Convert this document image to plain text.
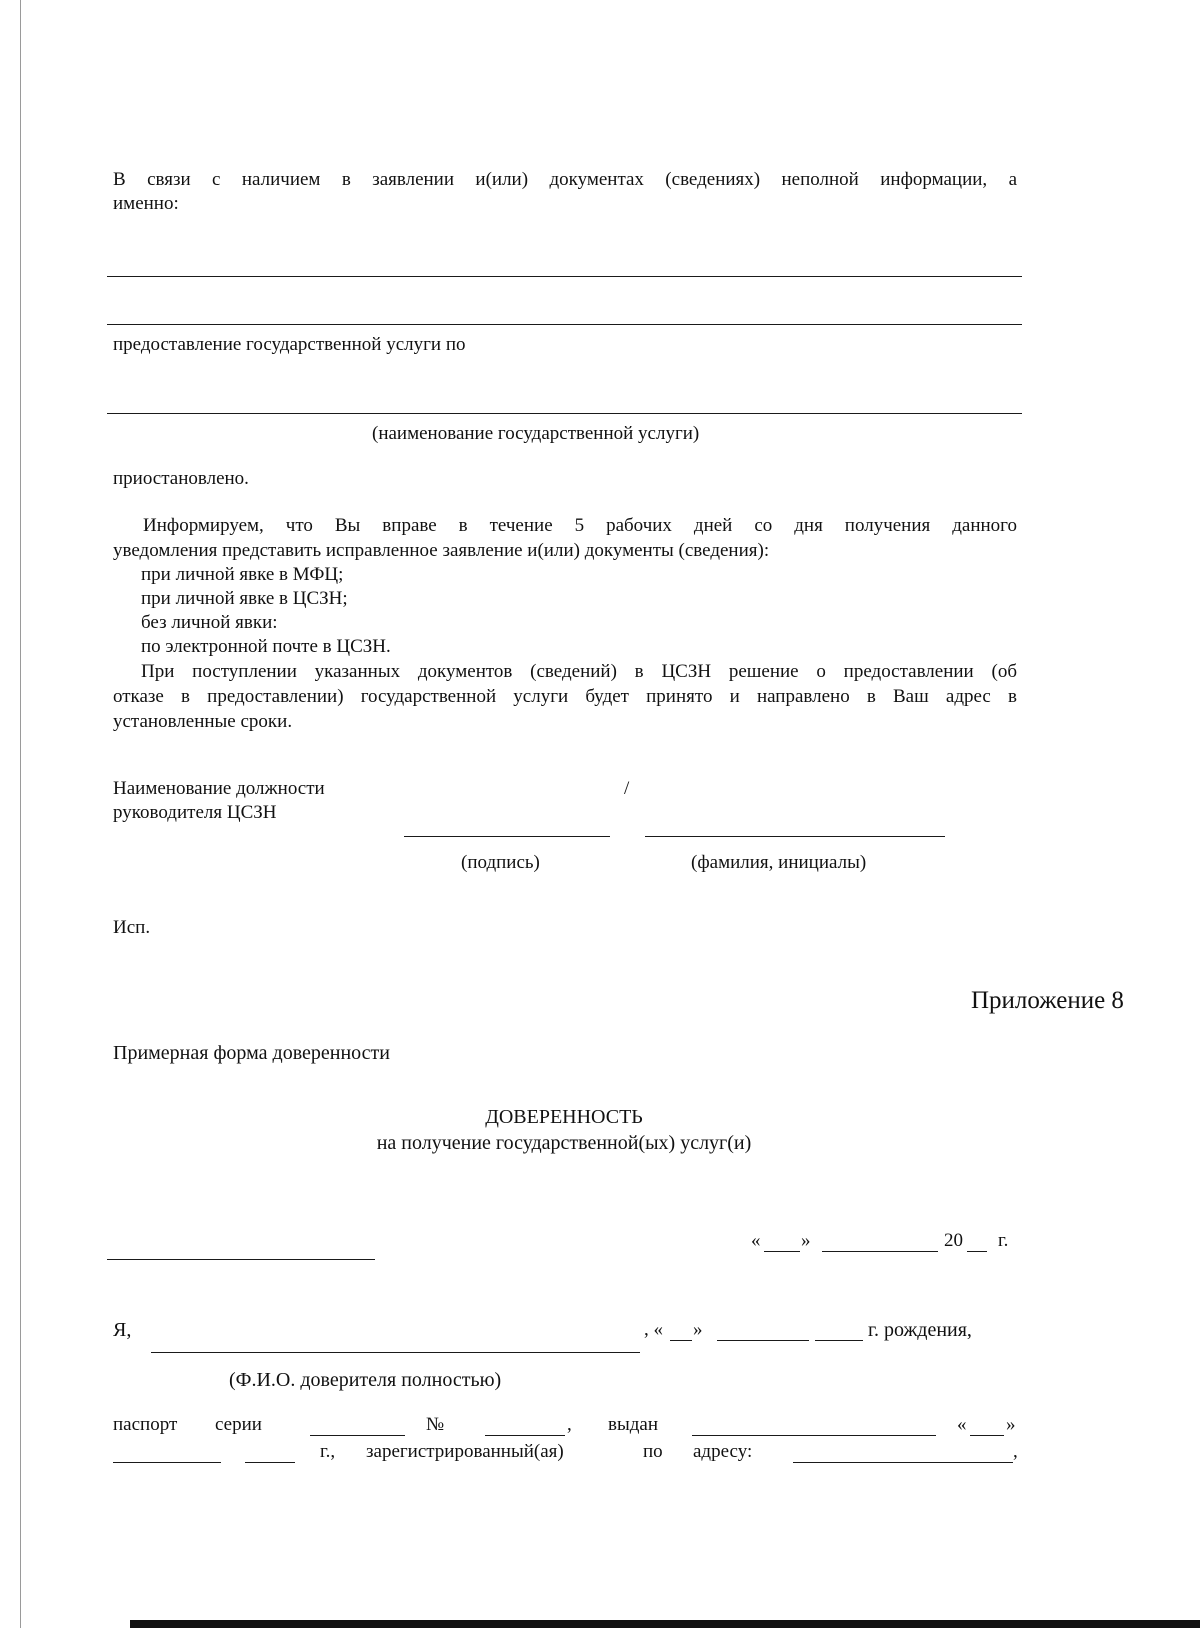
В связи с наличием в заявлении и(или) документах (сведениях) неполной информации, а
именно:
предоставление государственной услуги по
(наименование государственной услуги)
приостановлено.
Информируем, что Вы вправе в течение 5 рабочих дней со дня получения данного
уведомления представить исправленное заявление и(или) документы (сведения):
при личной явке в МФЦ;
при личной явке в ЦСЗН;
без личной явки:
по электронной почте в ЦСЗН.
При поступлении указанных документов (сведений) в ЦСЗН решение о предоставлении (об
отказе в предоставлении) государственной услуги будет принято и направлено в Ваш адрес в
установленные сроки.
Наименование должности
руководителя ЦСЗН
/
(подпись)	(фамилия, инициалы)
Исп.
Приложение 8
Примерная форма доверенности
ДОВЕРЕННОСТЬ
на получение государственной(ых) услуг(и)
« »	20 г.
Я,	, « »	г. рождения,
(Ф.И.О. доверителя полностью)
паспорт серии	№	, выдан	« »
г., зарегистрированный(ая)	по адресу:	,
